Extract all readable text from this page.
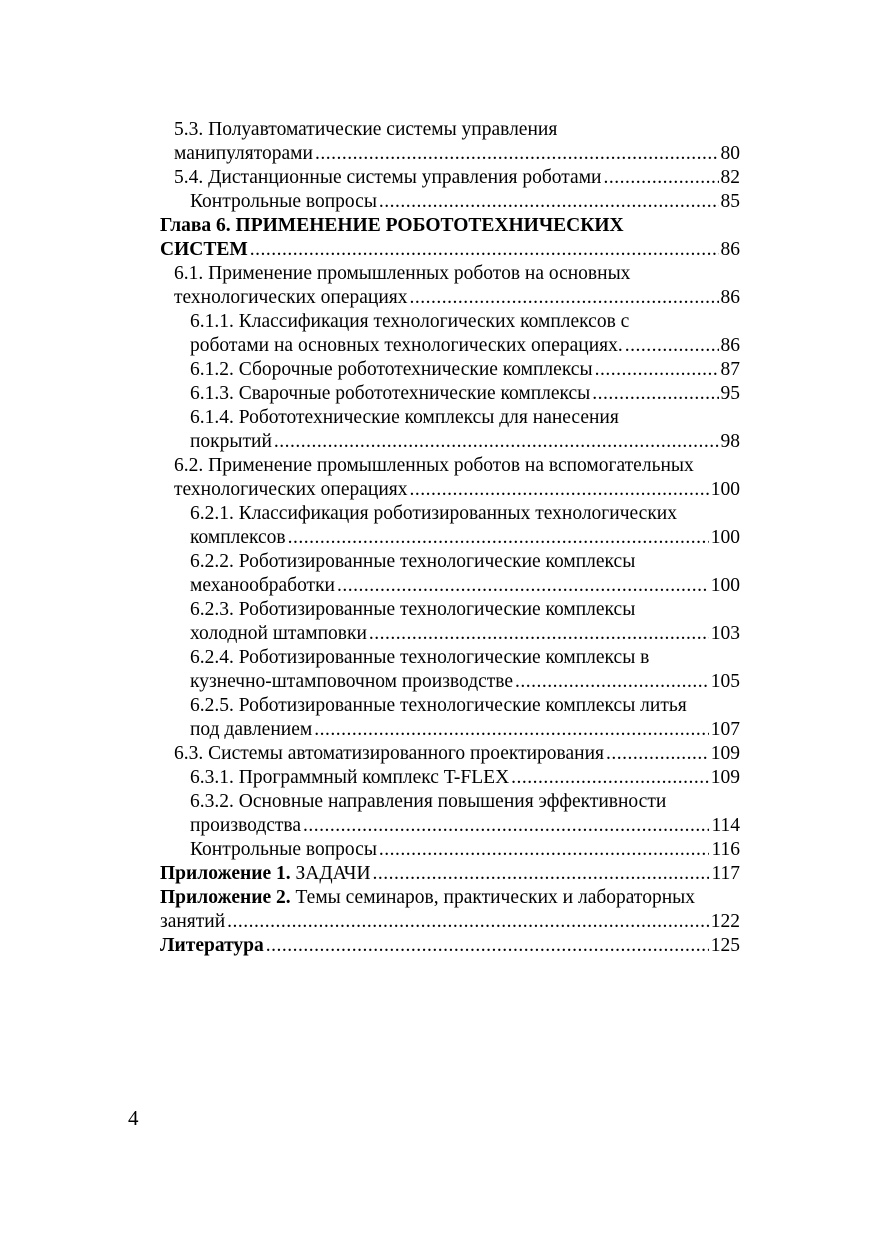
5.3. Полуавтоматические системы управления
манипуляторами .....	80
5.4. Дистанционные системы управления роботами .....	82
Контрольные вопросы .....	85
Глава 6. ПРИМЕНЕНИЕ РОБОТОТЕХНИЧЕСКИХ
СИСТЕМ .....	86
6.1. Применение промышленных роботов на основных
технологических операциях .....	86
6.1.1. Классификация технологических комплексов с
роботами на основных технологических операциях. .....	86
6.1.2. Сборочные робототехнические комплексы .....	87
6.1.3. Сварочные робототехнические комплексы .....	95
6.1.4. Робототехнические комплексы для нанесения
покрытий .....	98
6.2. Применение промышленных роботов на вспомогательных
технологических операциях .....	100
6.2.1. Классификация роботизированных технологических
комплексов .....	100
6.2.2. Роботизированные технологические комплексы
механообработки .....	100
6.2.3. Роботизированные технологические комплексы
холодной штамповки .....	103
6.2.4. Роботизированные технологические комплексы в
кузнечно-штамповочном производстве .....	105
6.2.5. Роботизированные технологические комплексы литья
под давлением .....	107
6.3. Системы автоматизированного проектирования .....	109
6.3.1. Программный комплекс T-FLEX .....	109
6.3.2. Основные направления повышения эффективности
производства .....	114
Контрольные вопросы .....	116
Приложение 1. ЗАДАЧИ .....	117
Приложение 2. Темы семинаров, практических и лабораторных
занятий .....	122
Литература .....	125
4
